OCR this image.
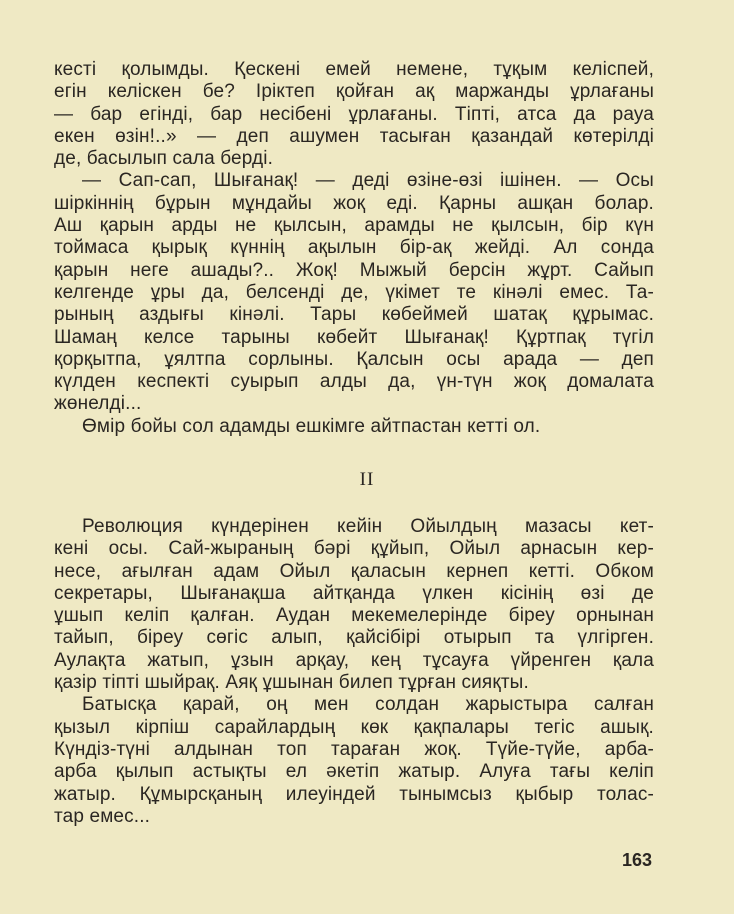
кесті қолымды. Қескені емей немене, тұқым келіспей,
егін келіскен бе? Іріктеп қойған ақ маржанды ұрлағаны
— бар егінді, бар несібені ұрлағаны. Тіпті, атса да рауа
екен өзін!..» — деп ашумен тасыған қазандай көтерілді
де, басылып сала берді.

— Сап-сап, Шығанақ! — деді өзіне-өзі ішінен. — Осы
шіркіннің бұрын мұндайы жоқ еді. Қарны ашқан болар.
Аш қарын арды не қылсын, арамды не қылсын, бір күн
тоймаса қырық күннің ақылын бір-ақ жейді. Ал сонда
қарын неге ашады?.. Жоқ! Мыжый берсін жұрт. Сайып
келгенде ұры да, белсенді де, үкімет те кінәлі емес. Та-
рының аздығы кінәлі. Тары көбеймей шатақ құрымас.
Шамаң келсе тарыны көбейт Шығанақ! Құртпақ түгіл
қорқытпа, ұялтпа сорлыны. Қалсын осы арада — деп
күлден кеспекті суырып алды да, үн-түн жоқ домалата
жөнелді...

Өмір бойы сол адамды ешкімге айтпастан кетті ол.

II

Революция күндерінен кейін Ойылдың мазасы кет-
кені осы. Сай-жыраның бәрі құйып, Ойыл арнасын кер-
несе, ағылған адам Ойыл қаласын кернеп кетті. Обком
секретары, Шығанақша айтқанда үлкен кісінің өзі де
ұшып келіп қалған. Аудан мекемелерінде біреу орнынан
тайып, біреу сөгіс алып, қайсібірі отырып та үлгірген.
Аулақта жатып, ұзын арқау, кең тұсауға үйренген қала
қазір тіпті шыйрақ. Аяқ ұшынан билеп тұрған сияқты.

Батысқа қарай, оң мен солдан жарыстыра салған
қызыл кірпіш сарайлардың көк қақпалары тегіс ашық.
Күндіз-түні алдынан топ тараған жоқ. Түйе-түйе, арба-
арба қылып астықты ел әкетіп жатыр. Алуға тағы келіп
жатыр. Құмырсқаның илеуіндей тынымсыз қыбыр толас-
тар емес...

163
